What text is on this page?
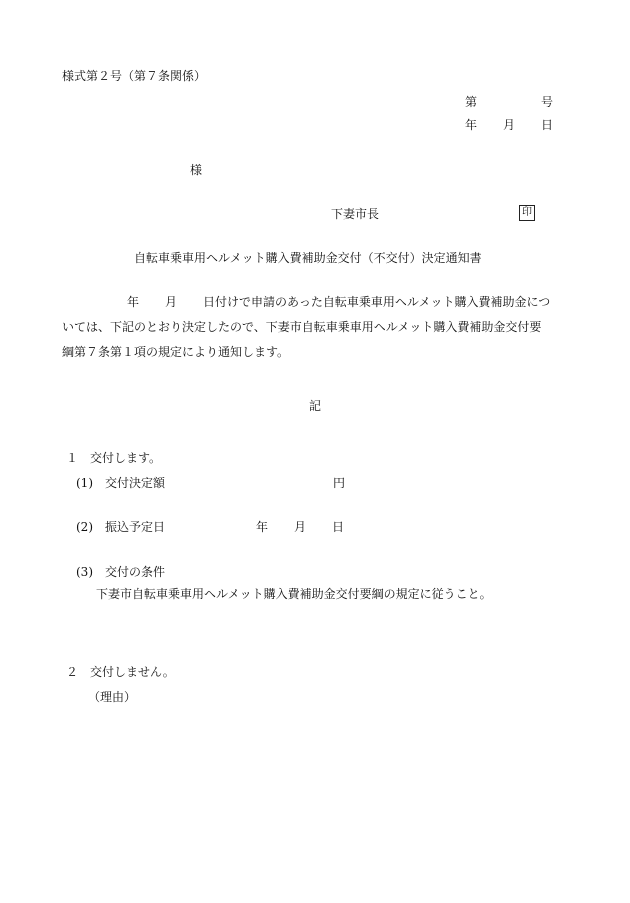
様式第２号（第７条関係）
第	号
年 月 日
様
下妻市長	印
自転車乗車用ヘルメット購入費補助金交付（不交付）決定通知書
年 月 日付けで申請のあった自転車乗車用ヘルメット購入費補助金につ
いては、下記のとおり決定したので、下妻市自転車乗車用ヘルメット購入費補助金交付要
綱第７条第１項の規定により通知します。
記
１　交付します。
(1)　交付決定額	円
(2)　振込予定日	年 月 日
(3)　交付の条件
下妻市自転車乗車用ヘルメット購入費補助金交付要綱の規定に従うこと。
２　交付しません。
（理由）
